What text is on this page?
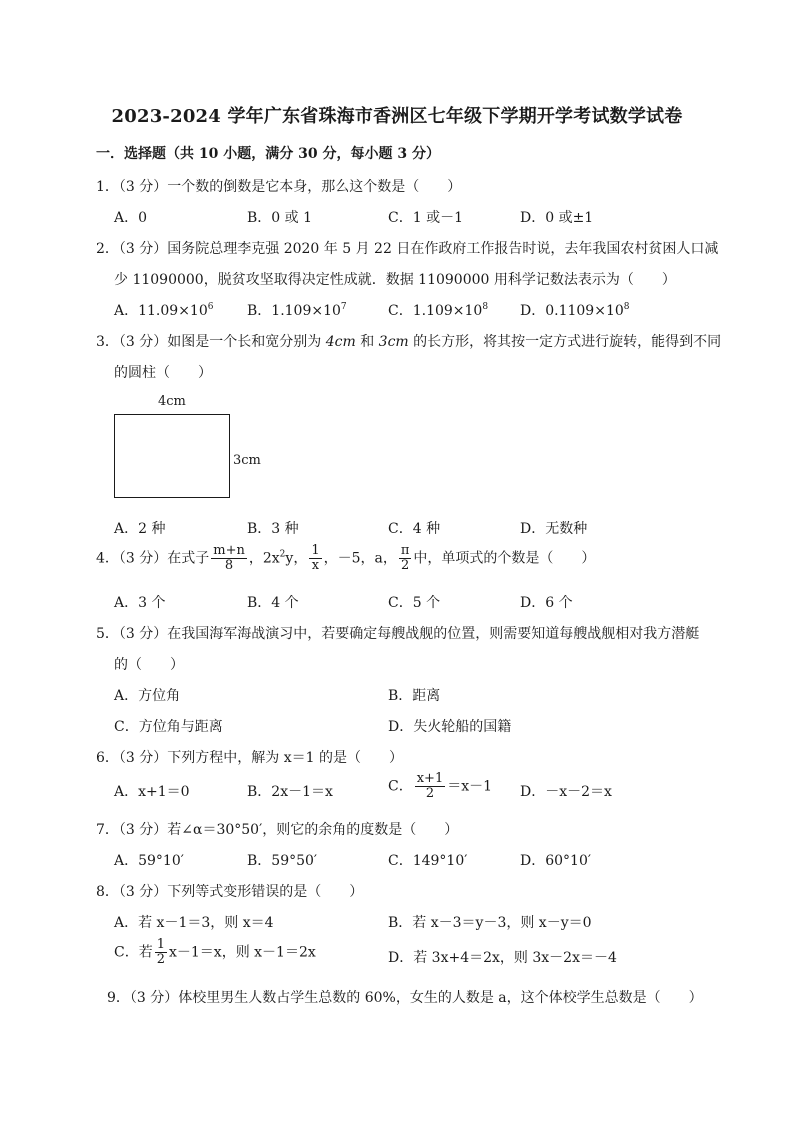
2023-2024 学年广东省珠海市香洲区七年级下学期开学考试数学试卷
一．选择题（共 10 小题，满分 30 分，每小题 3 分）
1．（3 分）一个数的倒数是它本身，那么这个数是（　　）
A．0	B．0 或 1	C．1 或－1	D．0 或±1
2．（3 分）国务院总理李克强 2020 年 5 月 22 日在作政府工作报告时说，去年我国农村贫困人口减
少 11090000，脱贫攻坚取得决定性成就．数据 11090000 用科学记数法表示为（　　）
A．$11.09\times 10^6$ B．$1.109\times 10^7$	C．$1.109\times 10^8$ D．$0.1109\times 10^8$
3．（3 分）如图是一个长和宽分别为 4cm 和 3cm 的长方形，将其按一定方式进行旋转，能得到不同
的圆柱（　　）
4cm
3cm
A．2 种	B．3 种	C．4 种	D．无数种
4．（3 分）在式子 $\frac{m+n}{8}$ ，$2x^2y$， $\frac{1}{x}$ ，－5，a， $\frac{\pi}{2}$ 中，单项式的个数是（　　）
A．3 个	B．4 个	C．5 个	D．6 个
5．（3 分）在我国海军海战演习中，若要确定每艘战舰的位置，则需要知道每艘战舰相对我方潜艇
的（　　）
A．方位角	B．距离
C．方位角与距离	D．失火轮船的国籍
6．（3 分）下列方程中，解为 x＝1 的是（　　）
A．x+1＝0	B．2x－1＝x	C． $\frac{x+1}{2} =x-1$ D．－x－2＝x
7．（3 分）若∠α＝30°50′，则它的余角的度数是（　　）
A．59°10′	B．59°50′	C．149°10′	D．60°10′
8．（3 分）下列等式变形错误的是（　　）
A．若 x－1＝3，则 x＝4	B．若 x－3＝y－3，则 x－y＝0
C．若 $\frac{1}{2} x-1=x$，则 x－1＝2x	D．若 3x+4＝2x，则 3x－2x＝－4
9．（3 分）体校里男生人数占学生总数的 60%，女生的人数是 a，这个体校学生总数是（　　）
